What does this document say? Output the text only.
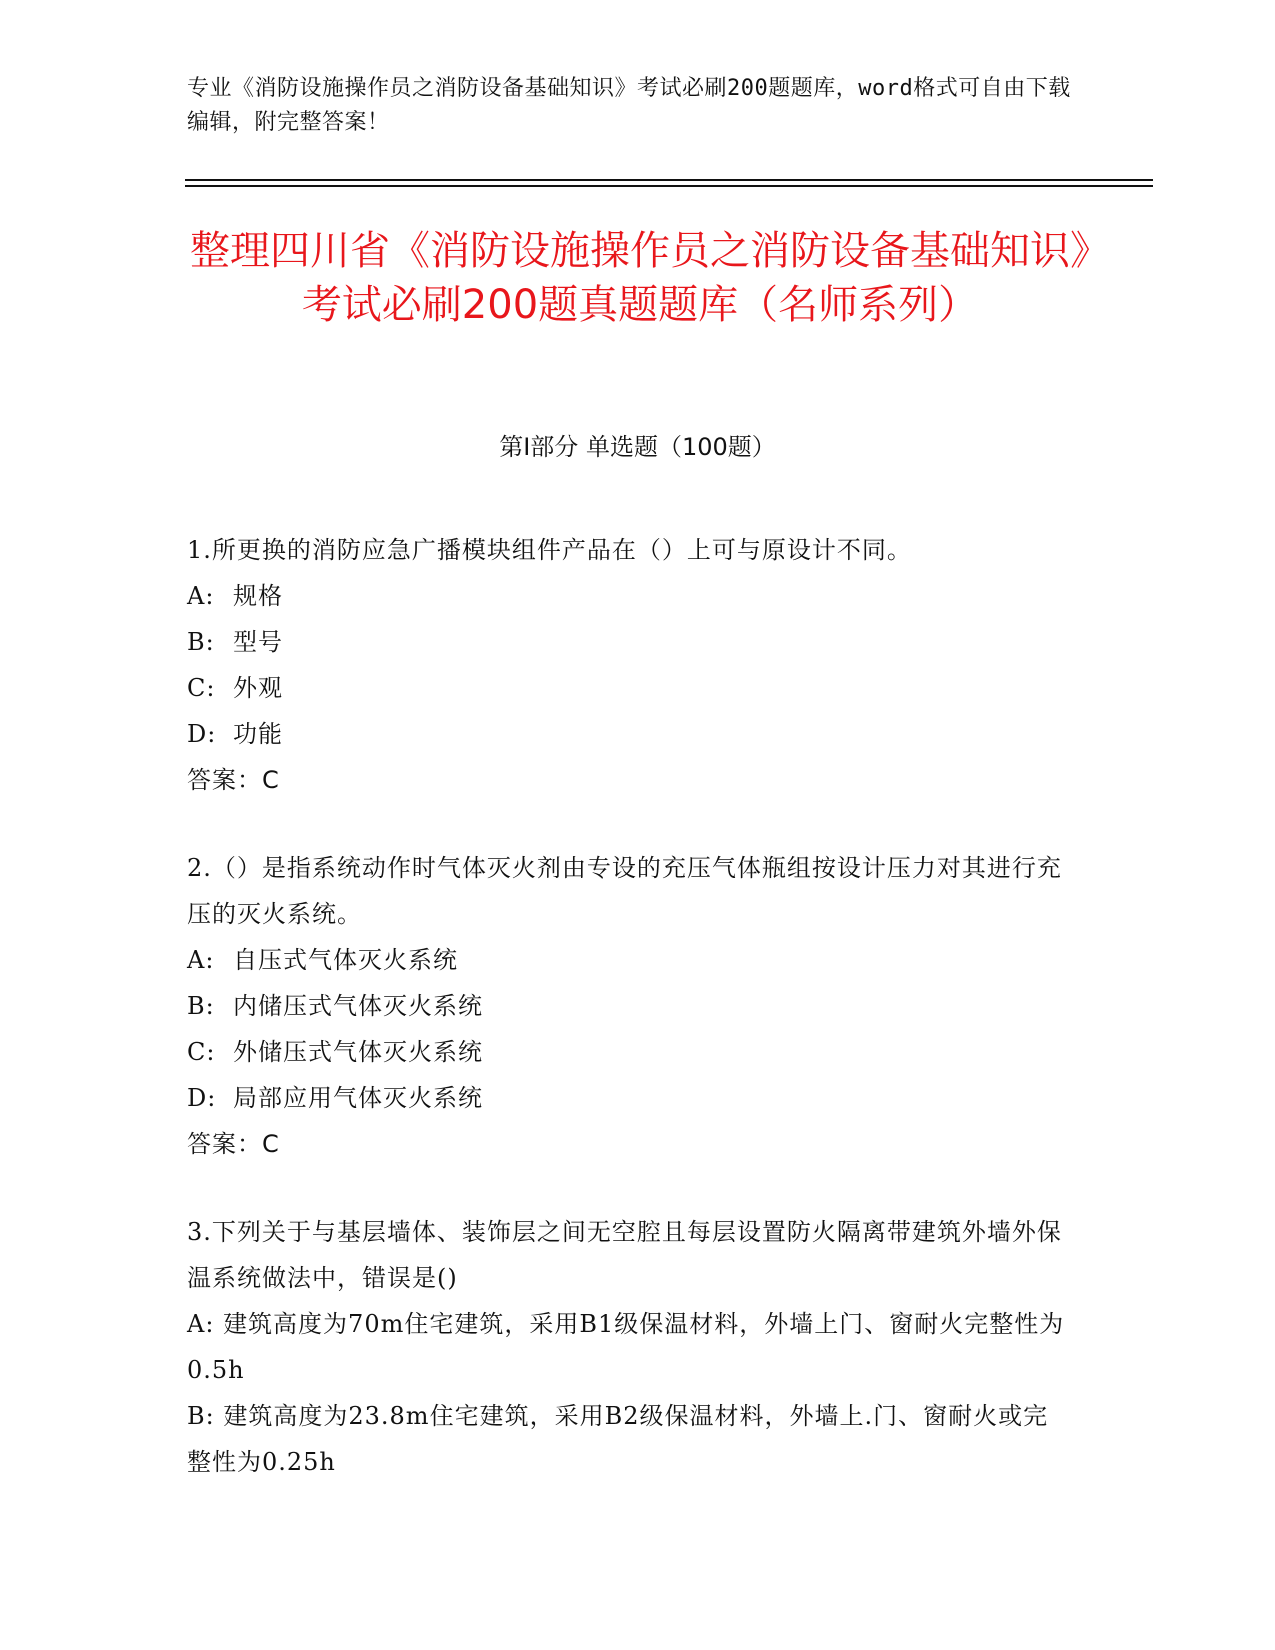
专业《消防设施操作员之消防设备基础知识》考试必刷200题题库，word格式可自由下载编辑，附完整答案！
整理四川省《消防设施操作员之消防设备基础知识》考试必刷200题真题题库（名师系列）
第Ⅰ部分 单选题（100题）
1.所更换的消防应急广播模块组件产品在（）上可与原设计不同。
A: 规格
B: 型号
C: 外观
D: 功能
答案：C
2.（）是指系统动作时气体灭火剂由专设的充压气体瓶组按设计压力对其进行充压的灭火系统。
A: 自压式气体灭火系统
B: 内储压式气体灭火系统
C: 外储压式气体灭火系统
D: 局部应用气体灭火系统
答案：C
3.下列关于与基层墙体、装饰层之间无空腔且每层设置防火隔离带建筑外墙外保温系统做法中，错误是()
A: 建筑高度为70m住宅建筑，采用B1级保温材料，外墙上门、窗耐火完整性为0.5h
B: 建筑高度为23.8m住宅建筑，采用B2级保温材料，外墙上.门、窗耐火或完整性为0.25h
